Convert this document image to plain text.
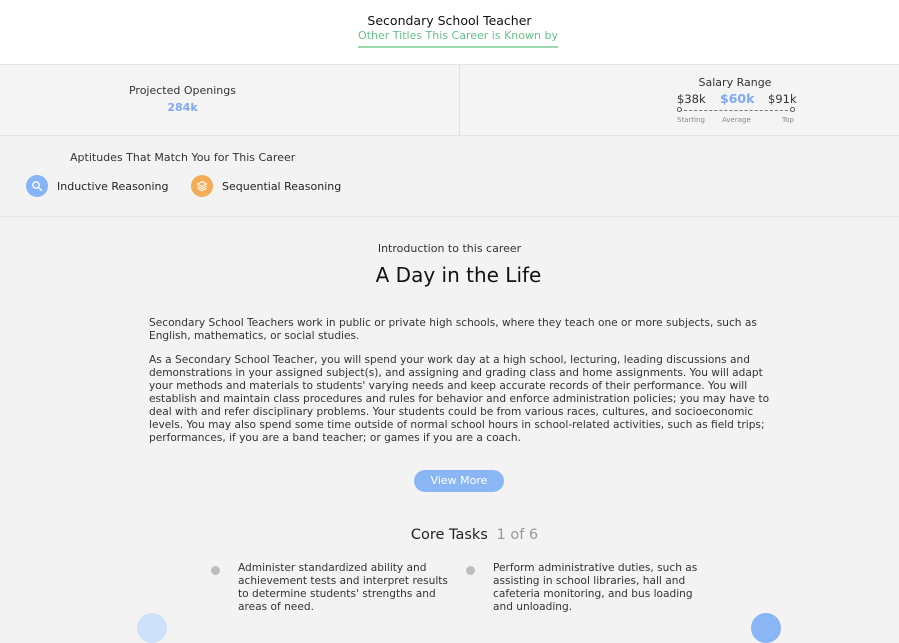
Secondary School Teacher
Other Titles This Career is Known by
Projected Openings
284k
Salary Range
$38k $60k $91k
Starting Average	Top
Aptitudes That Match You for This Career
Inductive Reasoning	Sequential Reasoning
Introduction to this career
A Day in the Life

Secondary School Teachers work in public or private high schools, where they teach one or more subjects, such as English, mathematics, or social studies.

As a Secondary School Teacher, you will spend your work day at a high school, lecturing, leading discussions and demonstrations in your assigned subject(s), and assigning and grading class and home assignments. You will adapt your methods and materials to students' varying needs and keep accurate records of their performance. You will establish and maintain class procedures and rules for behavior and enforce administration policies; you may have to deal with and refer disciplinary problems. Your students could be from various races, cultures, and socioeconomic levels. You may also spend some time outside of normal school hours in school-related activities, such as field trips; performances, if you are a band teacher; or games if you are a coach.

View More
Core Tasks 1 of 6
Administer standardized ability and achievement tests and interpret results to determine students' strengths and areas of need.
Perform administrative duties, such as assisting in school libraries, hall and cafeteria monitoring, and bus loading and unloading.
